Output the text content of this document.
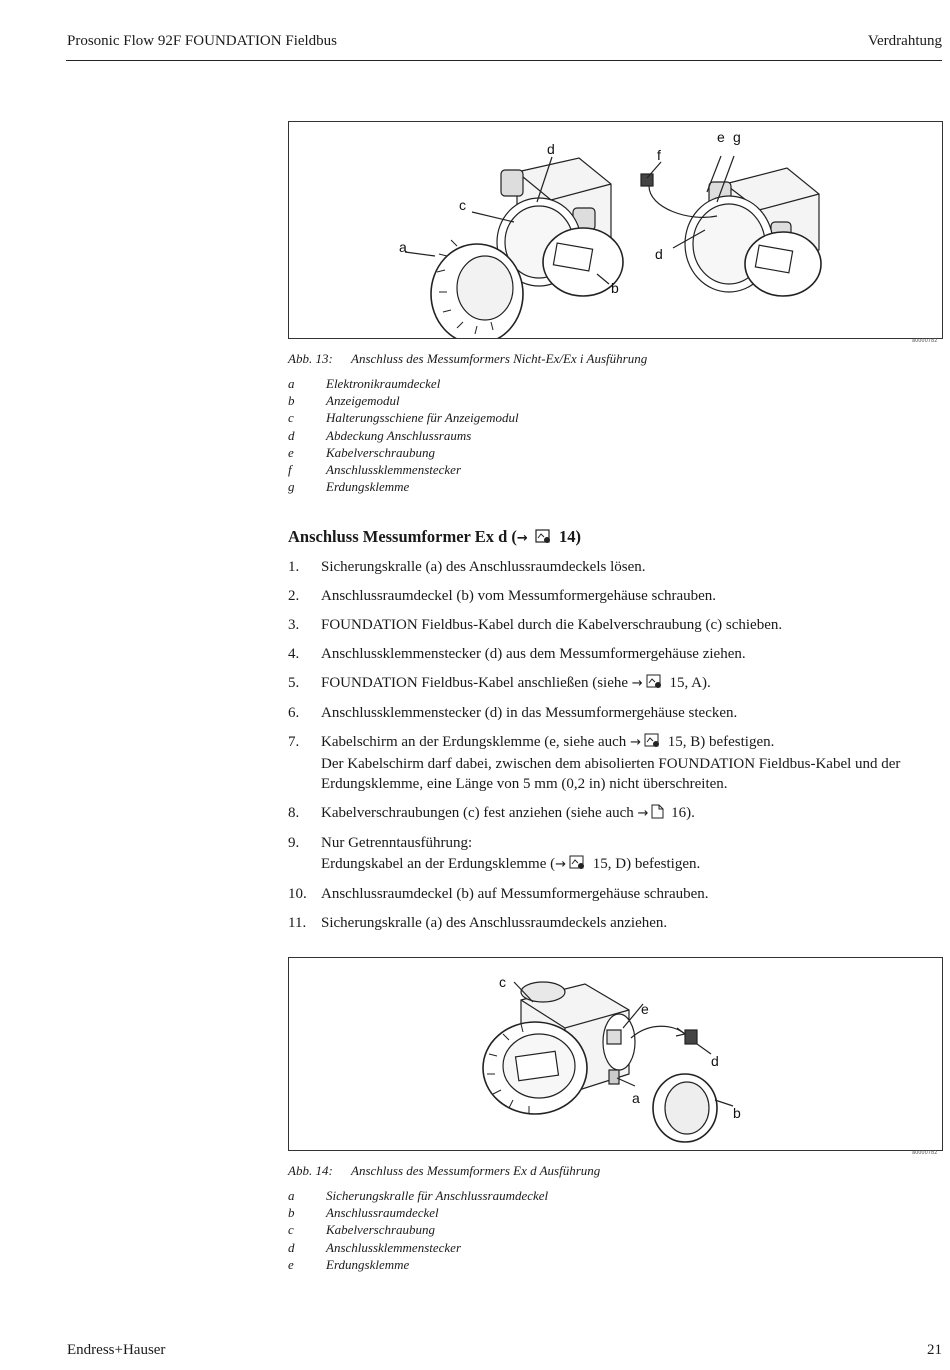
Prosonic Flow 92F FOUNDATION Fieldbus	Verdrahtung
a
b
c
d
d
e
f
g
a0000782
Abb. 13: Anschluss des Messumformers Nicht-Ex/Ex i Ausführung
a Elektronikraumdeckel
b Anzeigemodul
c Halterungsschiene für Anzeigemodul
d Abdeckung Anschlussraums
e Kabelverschraubung
f	Anschlussklemmenstecker
g Erdungsklemme
Anschluss Messumformer Ex d (→  14)
1.	Sicherungskralle (a) des Anschlussraumdeckels lösen.
2.	Anschlussraumdeckel (b) vom Messumformergehäuse schrauben.
3.	FOUNDATION Fieldbus-Kabel durch die Kabelverschraubung (c) schieben.
4.	Anschlussklemmenstecker (d) aus dem Messumformergehäuse ziehen.
5.	FOUNDATION Fieldbus-Kabel anschließen (siehe → 15, A).
6.	Anschlussklemmenstecker (d) in das Messumformergehäuse stecken.
7.	Kabelschirm an der Erdungsklemme (e, siehe auch → 15, B) befestigen.
Der Kabelschirm darf dabei, zwischen dem abisolierten FOUNDATION Fieldbus-Kabel und der Erdungsklemme, eine Länge von 5 mm (0,2 in) nicht überschreiten.
8.	Kabelverschraubungen (c) fest anziehen (siehe auch → 16).
9.	Nur Getrenntausführung:
Erdungskabel an der Erdungsklemme (→ 15, D) befestigen.
10. Anschlussraumdeckel (b) auf Messumformergehäuse schrauben.
11. Sicherungskralle (a) des Anschlussraumdeckels anziehen.
c
e
d
a
b
a0000782
Abb. 14: Anschluss des Messumformers Ex d Ausführung
a Sicherungskralle für Anschlussraumdeckel
b Anschlussraumdeckel
c Kabelverschraubung
d Anschlussklemmenstecker
e Erdungsklemme
Endress+Hauser	21
